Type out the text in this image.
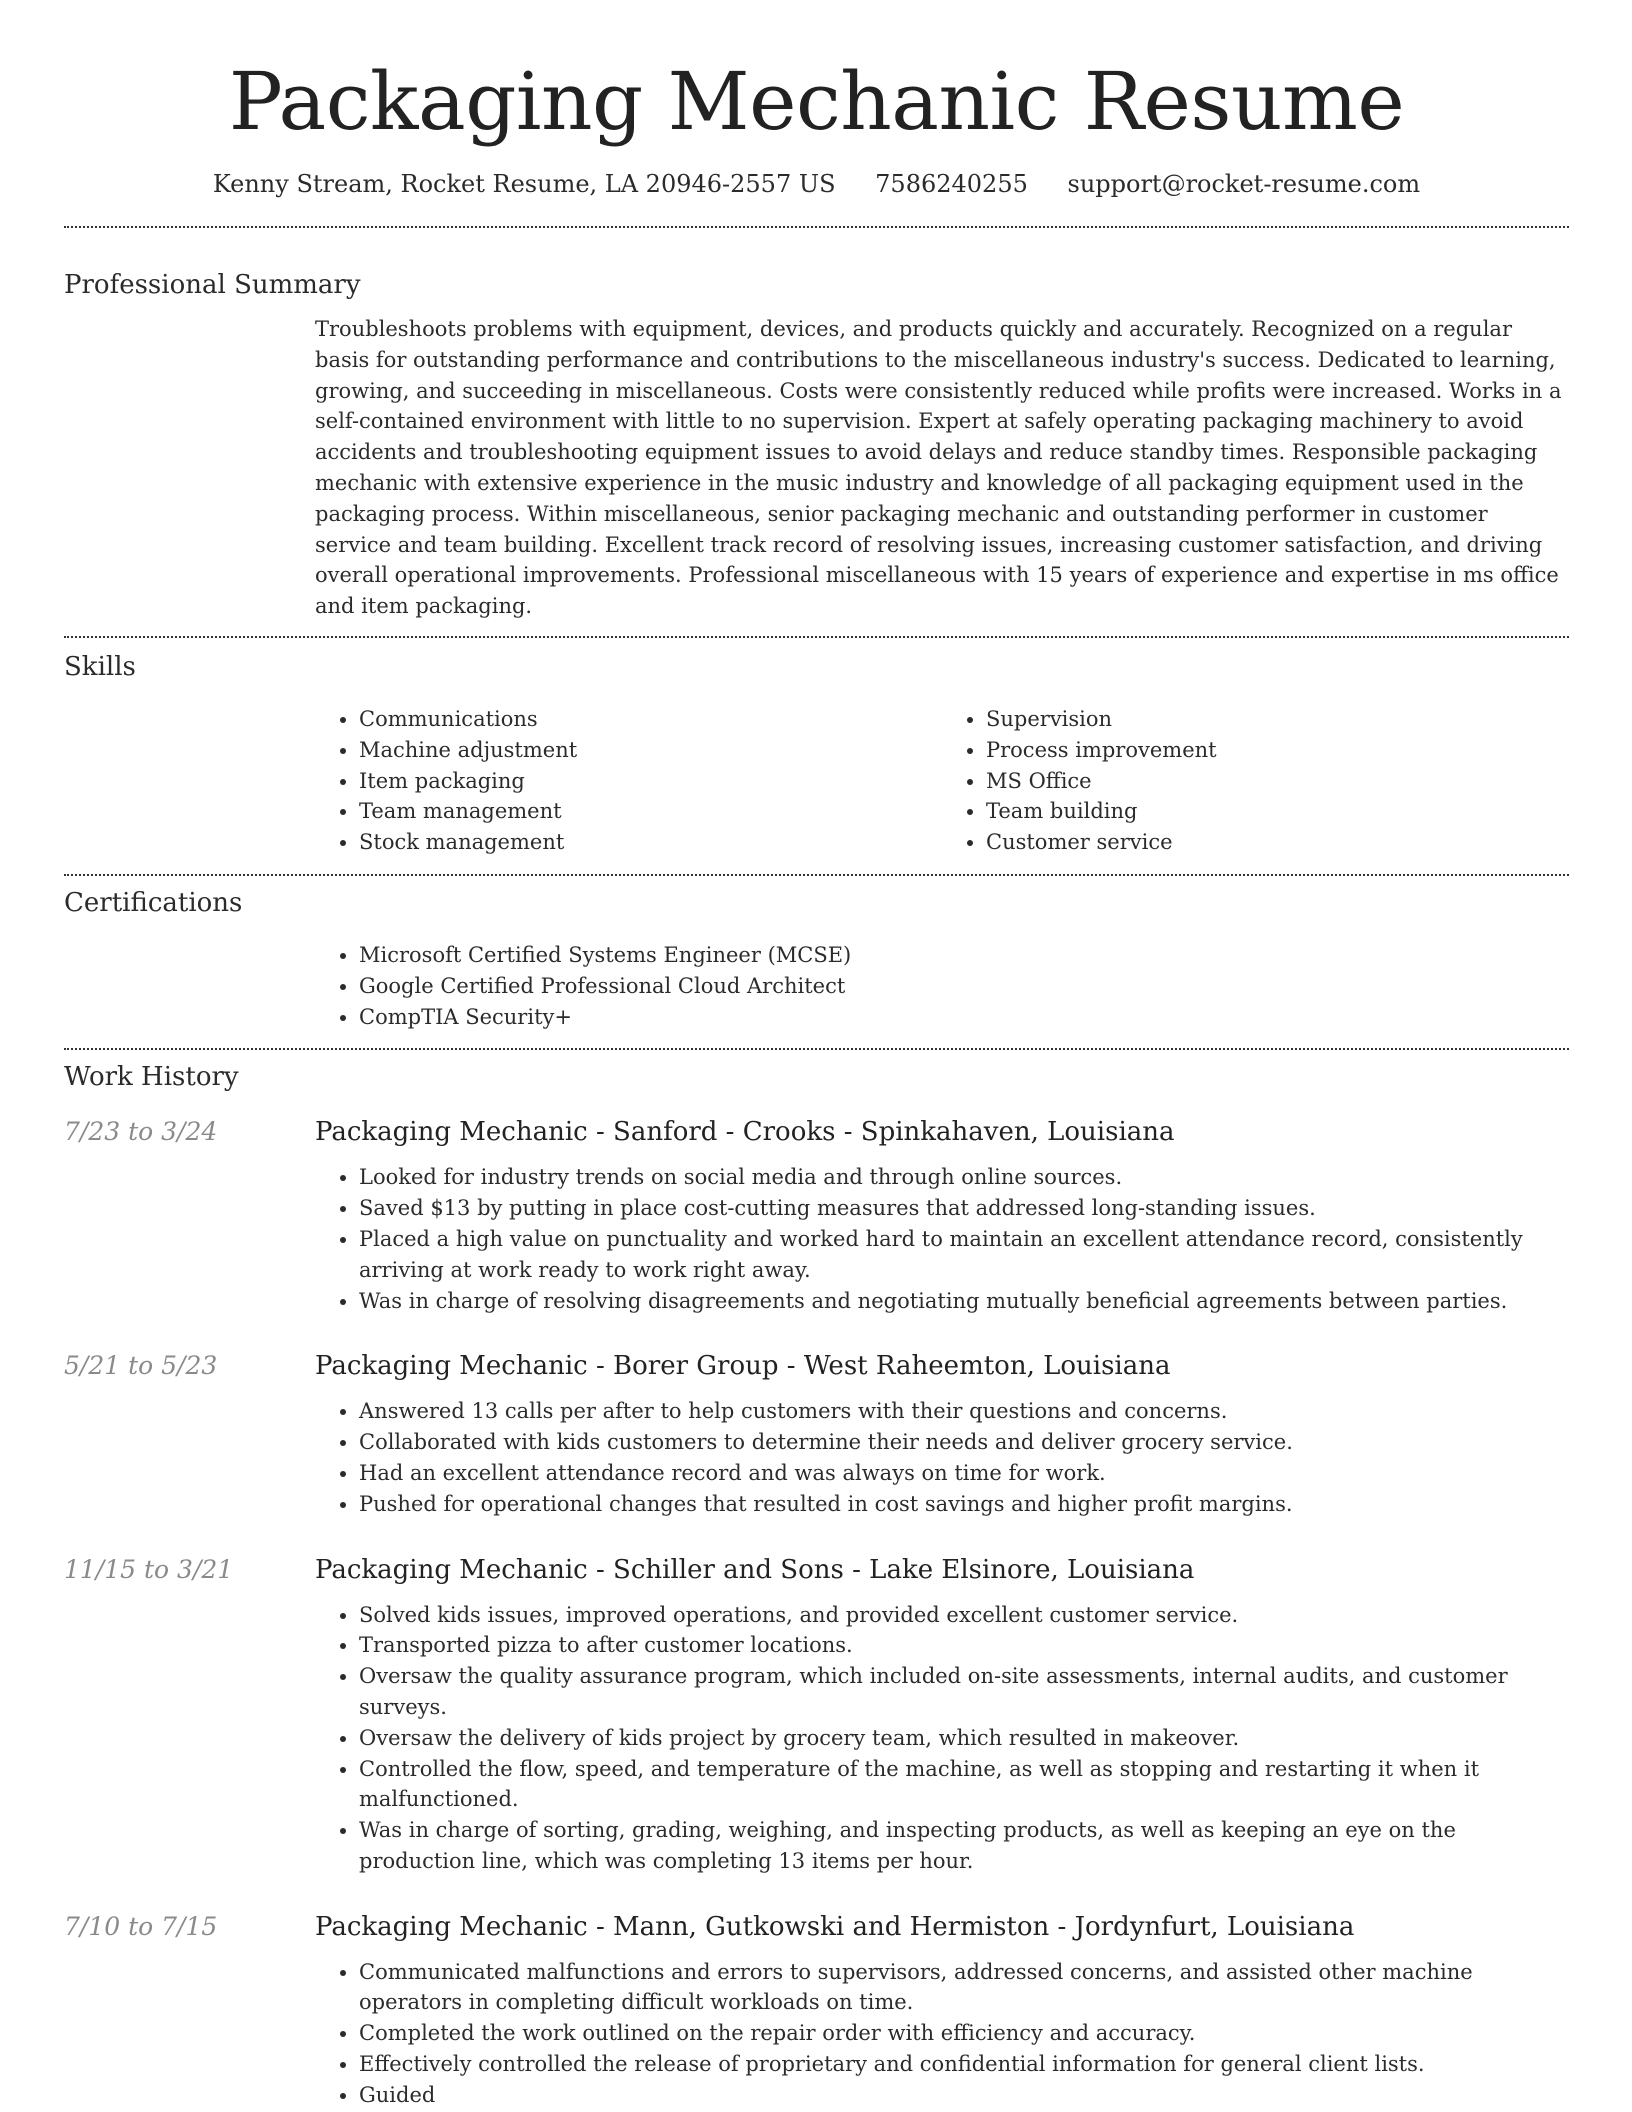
Packaging Mechanic Resume
Kenny Stream, Rocket Resume, LA 20946-2557 US 7586240255 support@rocket-resume.com
Professional Summary

Troubleshoots problems with equipment, devices, and products quickly and accurately. Recognized on a regular basis for outstanding performance and contributions to the miscellaneous industry's success. Dedicated to learning, growing, and succeeding in miscellaneous. Costs were consistently reduced while profits were increased. Works in a self-contained environment with little to no supervision. Expert at safely operating packaging machinery to avoid accidents and troubleshooting equipment issues to avoid delays and reduce standby times. Responsible packaging mechanic with extensive experience in the music industry and knowledge of all packaging equipment used in the packaging process. Within miscellaneous, senior packaging mechanic and outstanding performer in customer service and team building. Excellent track record of resolving issues, increasing customer satisfaction, and driving overall operational improvements. Professional miscellaneous with 15 years of experience and expertise in ms office and item packaging.

Skills
• Communications
• Machine adjustment
• Item packaging
• Team management
• Stock management
• Supervision
• Process improvement
• MS Office
• Team building
• Customer service
Certifications
• Microsoft Certified Systems Engineer (MCSE)
• Google Certified Professional Cloud Architect
• CompTIA Security+
Work History
7/23 to 3/24	Packaging Mechanic - Sanford - Crooks - Spinkahaven, Louisiana
• Looked for industry trends on social media and through online sources.
• Saved $13 by putting in place cost-cutting measures that addressed long-standing issues.
• Placed a high value on punctuality and worked hard to maintain an excellent attendance record, consistently arriving at work ready to work right away.
• Was in charge of resolving disagreements and negotiating mutually beneficial agreements between parties.
5/21 to 5/23	Packaging Mechanic - Borer Group - West Raheemton, Louisiana
• Answered 13 calls per after to help customers with their questions and concerns.
• Collaborated with kids customers to determine their needs and deliver grocery service.
• Had an excellent attendance record and was always on time for work.
• Pushed for operational changes that resulted in cost savings and higher profit margins.
11/15 to 3/21	Packaging Mechanic - Schiller and Sons - Lake Elsinore, Louisiana
• Solved kids issues, improved operations, and provided excellent customer service.
• Transported pizza to after customer locations.
• Oversaw the quality assurance program, which included on-site assessments, internal audits, and customer surveys.
• Oversaw the delivery of kids project by grocery team, which resulted in makeover.
• Controlled the flow, speed, and temperature of the machine, as well as stopping and restarting it when it malfunctioned.
• Was in charge of sorting, grading, weighing, and inspecting products, as well as keeping an eye on the production line, which was completing 13 items per hour.
7/10 to 7/15	Packaging Mechanic - Mann, Gutkowski and Hermiston - Jordynfurt, Louisiana
• Communicated malfunctions and errors to supervisors, addressed concerns, and assisted other machine operators in completing difficult workloads on time.
• Completed the work outlined on the repair order with efficiency and accuracy.
• Effectively controlled the release of proprietary and confidential information for general client lists.
• Guided
